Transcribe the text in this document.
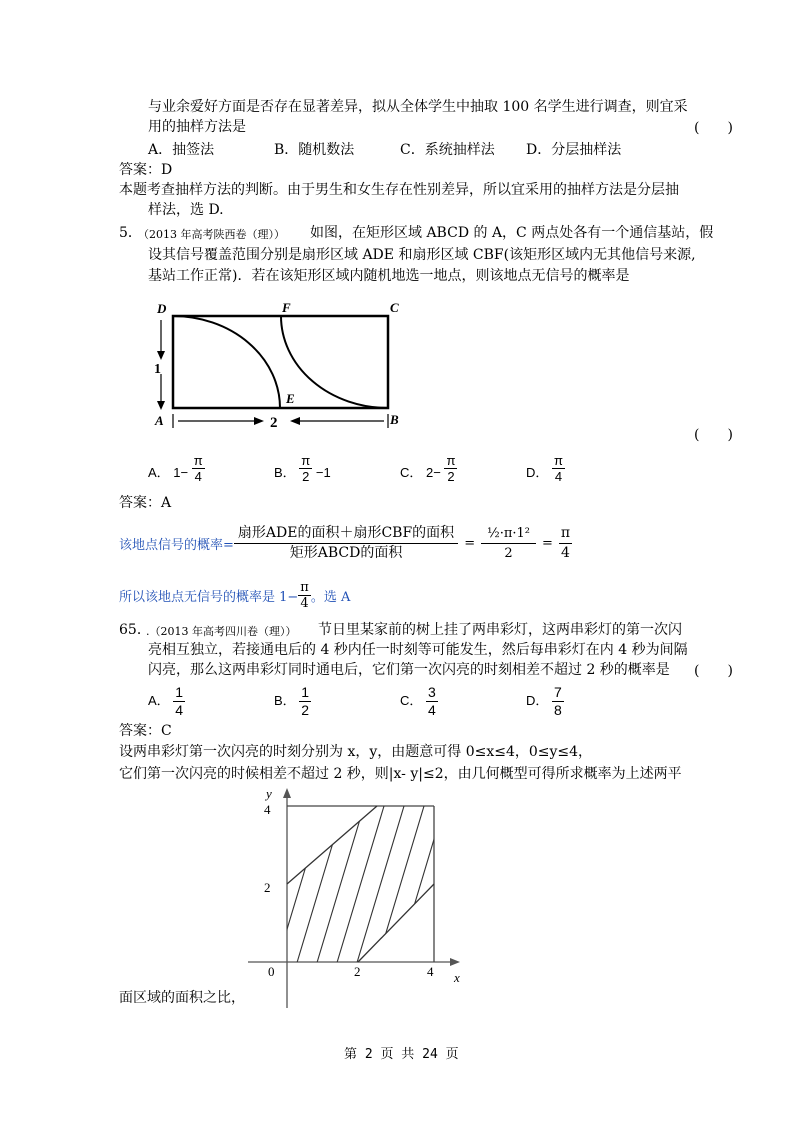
与业余爱好方面是否存在显著差异，拟从全体学生中抽取 100 名学生进行调查，则宜采
用的抽样方法是	(　　)
A．抽签法	B．随机数法	C．系统抽样法 D．分层抽样法
答案：D
本题考查抽样方法的判断。由于男生和女生存在性别差异，所以宜采用的抽样方法是分层抽
样法，选 D.
5．
（2013 年高考陕西卷（理）） 如图，在矩形区域 ABCD 的 A，C 两点处各有一个通信基站，假
设其信号覆盖范围分别是扇形区域 ADE 和扇形区域 CBF(该矩形区域内无其他信号来源,
基站工作正常)．若在该矩形区域内随机地选一地点，则该地点无信号的概率是
D	F	C
A
E
B
1
2
(　　)
A． $1- \frac{\pi}{4}$	B． $\frac{\pi}{2} -1$	C． $2- \frac{\pi}{2}$	D． $\frac{\pi}{4}$
答案：A
该地点信号的概率= $\frac{\text{扇形ADE的面积＋扇形CBF的面积}}{\text{矩形ABCD的面积}} = \frac{\text{½·π·1²}}{2} = \frac{\pi}{4}$
所以该地点无信号的概率是 $1- \frac{\pi}{4}$ 。选 A
65．
.（2013 年高考四川卷（理）） 节日里某家前的树上挂了两串彩灯，这两串彩灯的第一次闪
亮相互独立，若接通电后的 4 秒内任一时刻等可能发生，然后每串彩灯在内 4 秒为间隔
闪亮，那么这两串彩灯同时通电后，它们第一次闪亮的时刻相差不超过 2 秒的概率是 (　　)
A． $\frac{1}{4}$	B． $\frac{1}{2}$	C． $\frac{3}{4}$	D． $\frac{7}{8}$
答案：C
设两串彩灯第一次闪亮的时刻分别为 x，y，由题意可得 0≤x≤4，0≤y≤4，
它们第一次闪亮的时候相差不超过 2 秒，则|x- y|≤2，由几何概型可得所求概率为上述两平
y
x
0	2	4
2
4
面区域的面积之比，
第 2 页 共 24 页
